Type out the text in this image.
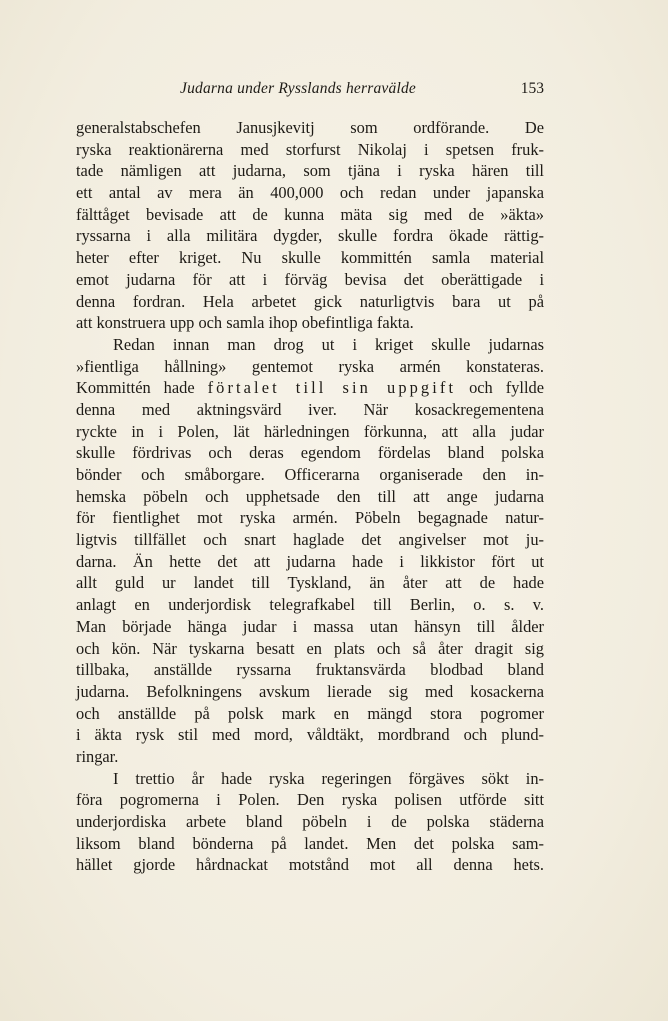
Judarna under Rysslands herravälde	153
generalstabschefen Janusjkevitj som ordförande. De
ryska reaktionärerna med storfurst Nikolaj i spetsen fruk-
tade nämligen att judarna, som tjäna i ryska hären till
ett antal av mera än 400,000 och redan under japanska
fälttåget bevisade att de kunna mäta sig med de »äkta»
ryssarna i alla militära dygder, skulle fordra ökade rättig-
heter efter kriget. Nu skulle kommittén samla material
emot judarna för att i förväg bevisa det oberättigade i
denna fordran. Hela arbetet gick naturligtvis bara ut på
att konstruera upp och samla ihop obefintliga fakta.
Redan innan man drog ut i kriget skulle judarnas
»fientliga hållning» gentemot ryska armén konstateras.
Kommittén hade förtalet till sin uppgift och fyllde
denna med aktningsvärd iver. När kosackregementena
ryckte in i Polen, lät härledningen förkunna, att alla judar
skulle fördrivas och deras egendom fördelas bland polska
bönder och småborgare. Officerarna organiserade den in-
hemska pöbeln och upphetsade den till att ange judarna
för fientlighet mot ryska armén. Pöbeln begagnade natur-
ligtvis tillfället och snart haglade det angivelser mot ju-
darna. Än hette det att judarna hade i likkistor fört ut
allt guld ur landet till Tyskland, än åter att de hade
anlagt en underjordisk telegrafkabel till Berlin, o. s. v.
Man började hänga judar i massa utan hänsyn till ålder
och kön. När tyskarna besatt en plats och så åter dragit sig
tillbaka, anställde ryssarna fruktansvärda blodbad bland
judarna. Befolkningens avskum lierade sig med kosackerna
och anställde på polsk mark en mängd stora pogromer
i äkta rysk stil med mord, våldtäkt, mordbrand och plund-
ringar.
I trettio år hade ryska regeringen förgäves sökt in-
föra pogromerna i Polen. Den ryska polisen utförde sitt
underjordiska arbete bland pöbeln i de polska städerna
liksom bland bönderna på landet. Men det polska sam-
hället gjorde hårdnackat motstånd mot all denna hets.
